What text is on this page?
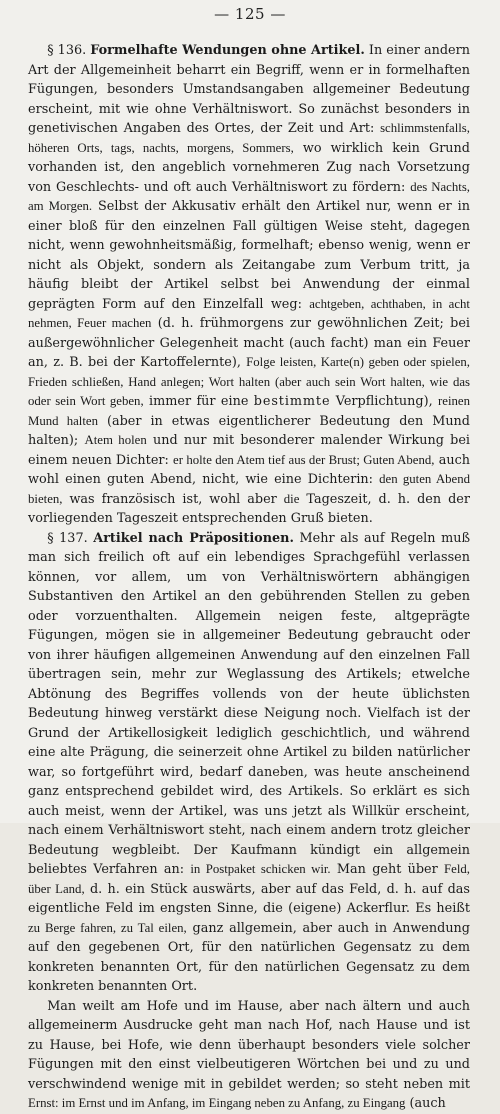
— 125 —

§ 136. Formelhafte Wendungen ohne Artikel. In einer andern Art der Allgemeinheit beharrt ein Begriff, wenn er in formelhaften Fügungen, besonders Umstandsangaben allgemeiner Bedeutung erscheint, mit wie ohne Verhältniswort. So zunächst besonders in genetivischen Angaben des Ortes, der Zeit und Art: schlimmstenfalls, höheren Orts, tags, nachts, morgens, Sommers, wo wirklich kein Grund vorhanden ist, den angeblich vornehmeren Zug nach Vorsetzung von Geschlechts- und oft auch Verhältniswort zu fördern: des Nachts, am Morgen. Selbst der Akkusativ erhält den Artikel nur, wenn er in einer bloß für den einzelnen Fall gültigen Weise steht, dagegen nicht, wenn gewohnheitsmäßig, formelhaft; ebenso wenig, wenn er nicht als Objekt, sondern als Zeitangabe zum Verbum tritt, ja häufig bleibt der Artikel selbst bei Anwendung der einmal geprägten Form auf den Einzelfall weg: achtgeben, achthaben, in acht nehmen, Feuer machen (d. h. frühmorgens zur gewöhnlichen Zeit; bei außergewöhnlicher Gelegenheit macht (auch facht) man ein Feuer an, z. B. bei der Kartoffelernte), Folge leisten, Karte(n) geben oder spielen, Frieden schließen, Hand anlegen; Wort halten (aber auch sein Wort halten, wie das oder sein Wort geben, immer für eine bestimmte Verpflichtung), reinen Mund halten (aber in etwas eigentlicherer Bedeutung den Mund halten); Atem holen und nur mit besonderer malender Wirkung bei einem neuen Dichter: er holte den Atem tief aus der Brust; Guten Abend, auch wohl einen guten Abend, nicht, wie eine Dichterin: den guten Abend bieten, was französisch ist, wohl aber die Tageszeit, d. h. den der vorliegenden Tageszeit entsprechenden Gruß bieten.

§ 137. Artikel nach Präpositionen. Mehr als auf Regeln muß man sich freilich oft auf ein lebendiges Sprachgefühl verlassen können, vor allem, um von Verhältniswörtern abhängigen Substantiven den Artikel an den gebührenden Stellen zu geben oder vorzuenthalten. Allgemein neigen feste, altgeprägte Fügungen, mögen sie in allgemeiner Bedeutung gebraucht oder von ihrer häufigen allgemeinen Anwendung auf den einzelnen Fall übertragen sein, mehr zur Weglassung des Artikels; etwelche Abtönung des Begriffes vollends von der heute üblichsten Bedeutung hinweg verstärkt diese Neigung noch. Vielfach ist der Grund der Artikellosigkeit lediglich geschichtlich, und während eine alte Prägung, die seinerzeit ohne Artikel zu bilden natürlicher war, so fortgeführt wird, bedarf daneben, was heute anscheinend ganz entsprechend gebildet wird, des Artikels. So erklärt es sich auch meist, wenn der Artikel, was uns jetzt als Willkür erscheint, nach einem Verhältniswort steht, nach einem andern trotz gleicher Bedeutung wegbleibt. Der Kaufmann kündigt ein allgemein beliebtes Verfahren an: in Postpaket schicken wir. Man geht über Feld, über Land, d. h. ein Stück auswärts, aber auf das Feld, d. h. auf das eigentliche Feld im engsten Sinne, die (eigene) Ackerflur. Es heißt zu Berge fahren, zu Tal eilen, ganz allgemein, aber auch in Anwendung auf den gegebenen Ort, für den natürlichen Gegensatz zu dem konkreten benannten Ort, für den natürlichen Gegensatz zu dem konkreten benannten Ort.

Man weilt am Hofe und im Hause, aber nach ältern und auch allgemeinerm Ausdrucke geht man nach Hof, nach Hause und ist zu Hause, bei Hofe, wie denn überhaupt besonders viele solcher Fügungen mit den einst vielbeutigeren Wörtchen bei und zu und verschwindend wenige mit in gebildet werden; so steht neben mit Ernst: im Ernst und im Anfang, im Eingang neben zu Anfang, zu Eingang (auch
